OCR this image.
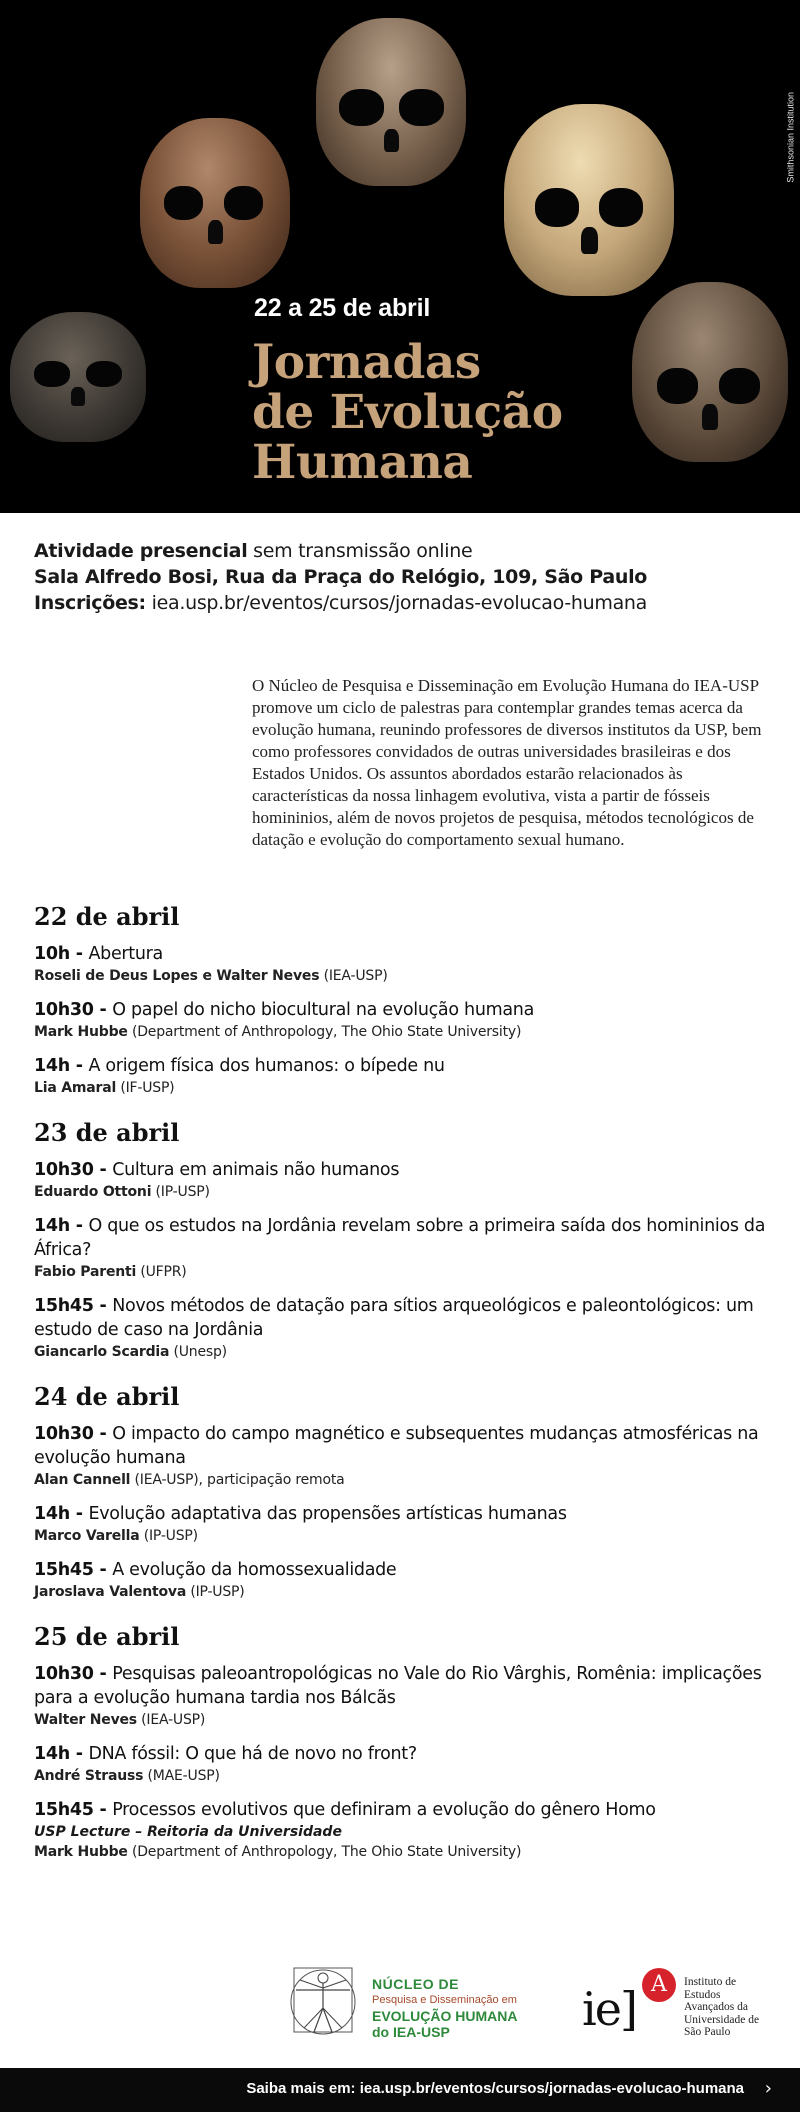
Smithsonian Institution
22 a 25 de abril
Jornadas
de Evolução
Humana
Atividade presencial sem transmissão online
Sala Alfredo Bosi, Rua da Praça do Relógio, 109, São Paulo
Inscrições: iea.usp.br/eventos/cursos/jornadas-evolucao-humana
O Núcleo de Pesquisa e Disseminação em Evolução Humana do IEA-USP promove um ciclo de palestras para contemplar grandes temas acerca da evolução humana, reunindo professores de diversos institutos da USP, bem como professores convidados de outras universidades brasileiras e dos Estados Unidos. Os assuntos abordados estarão relacionados às características da nossa linhagem evolutiva, vista a partir de fósseis homininios, além de novos projetos de pesquisa, métodos tecnológicos de datação e evolução do comportamento sexual humano.
22 de abril
10h - Abertura
Roseli de Deus Lopes e Walter Neves (IEA-USP)
10h30 - O papel do nicho biocultural na evolução humana
Mark Hubbe (Department of Anthropology, The Ohio State University)
14h - A origem física dos humanos: o bípede nu
Lia Amaral (IF-USP)
23 de abril
10h30 - Cultura em animais não humanos
Eduardo Ottoni (IP-USP)
14h - O que os estudos na Jordânia revelam sobre a primeira saída dos homininios da África?
Fabio Parenti (UFPR)
15h45 - Novos métodos de datação para sítios arqueológicos e paleontológicos: um estudo de caso na Jordânia
Giancarlo Scardia (Unesp)
24 de abril
10h30 - O impacto do campo magnético e subsequentes mudanças atmosféricas na evolução humana
Alan Cannell (IEA-USP), participação remota
14h - Evolução adaptativa das propensões artísticas humanas
Marco Varella (IP-USP)
15h45 - A evolução da homossexualidade
Jaroslava Valentova (IP-USP)
25 de abril
10h30 - Pesquisas paleoantropológicas no Vale do Rio Vârghis, Romênia: implicações para a evolução humana tardia nos Bálcãs
Walter Neves (IEA-USP)
14h - DNA fóssil: O que há de novo no front?
André Strauss (MAE-USP)
15h45 - Processos evolutivos que definiram a evolução do gênero Homo
USP Lecture – Reitoria da Universidade
Mark Hubbe (Department of Anthropology, The Ohio State University)
NÚCLEO DE
Pesquisa e Disseminação em
EVOLUÇÃO HUMANA
do IEA-USP	ie] A	Instituto de
Estudos
Avançados da
Universidade de
São Paulo
Saiba mais em: iea.usp.br/eventos/cursos/jornadas-evolucao-humana ›
